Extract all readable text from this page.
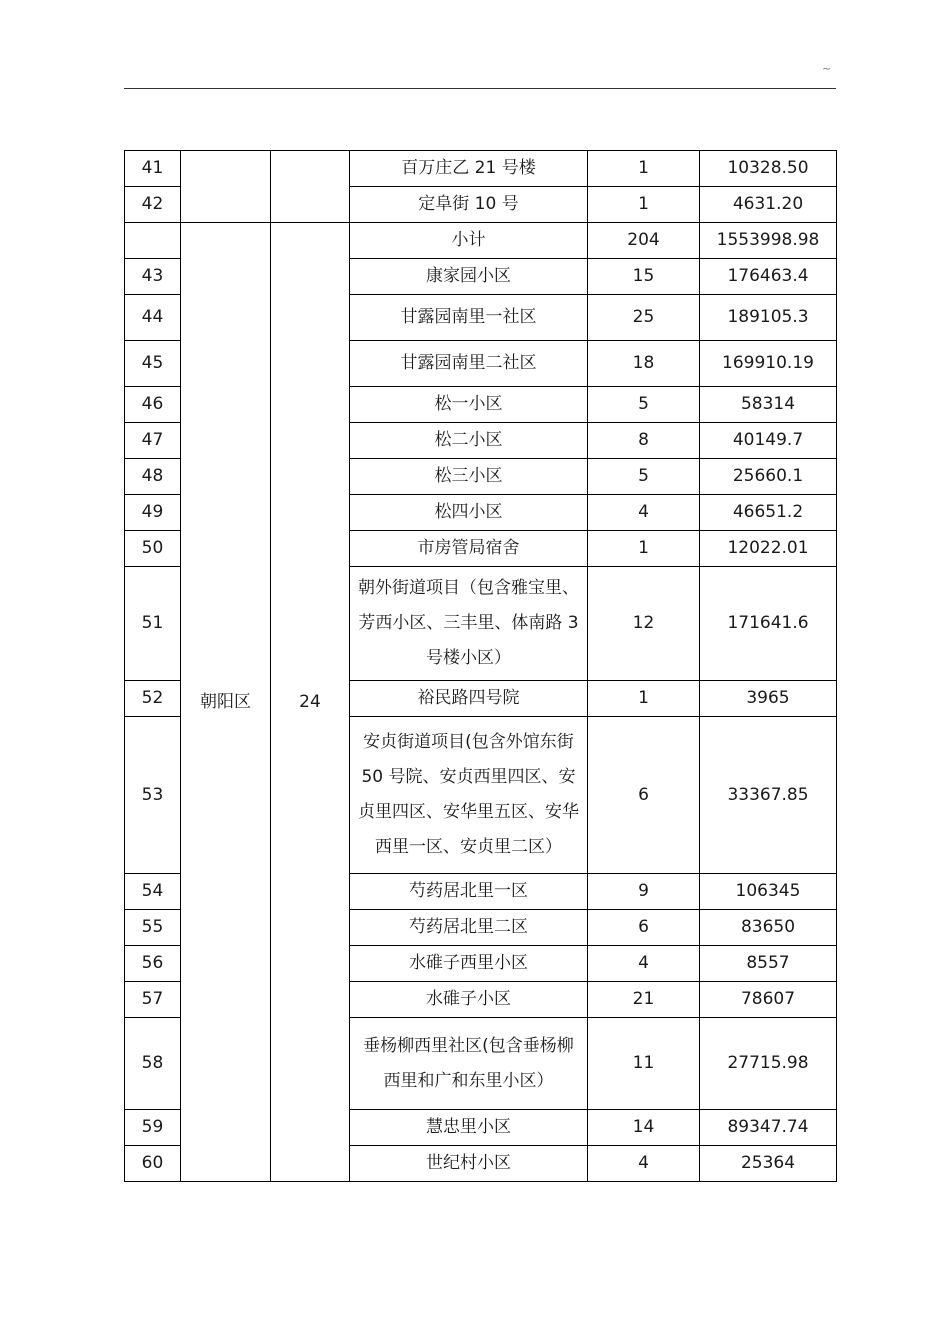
~
41			百万庄乙 21 号楼	1	10328.50
42			定阜街 10 号	1	4631.20
	朝阳区	24	小计	204	1553998.98
43			康家园小区	15	176463.4
44			甘露园南里一社区	25	189105.3
45			甘露园南里二社区	18	169910.19
46			松一小区	5	58314
47			松二小区	8	40149.7
48			松三小区	5	25660.1
49			松四小区	4	46651.2
50			市房管局宿舍	1	12022.01
51			朝外街道项目（包含雅宝里、芳西小区、三丰里、体南路 3 号楼小区）	12	171641.6
52			裕民路四号院	1	3965
53			安贞街道项目(包含外馆东街 50 号院、安贞西里四区、安贞里四区、安华里五区、安华西里一区、安贞里二区）	6	33367.85
54			芍药居北里一区	9	106345
55			芍药居北里二区	6	83650
56			水碓子西里小区	4	8557
57			水碓子小区	21	78607
58			垂杨柳西里社区(包含垂杨柳西里和广和东里小区）	11	27715.98
59			慧忠里小区	14	89347.74
60			世纪村小区	4	25364
